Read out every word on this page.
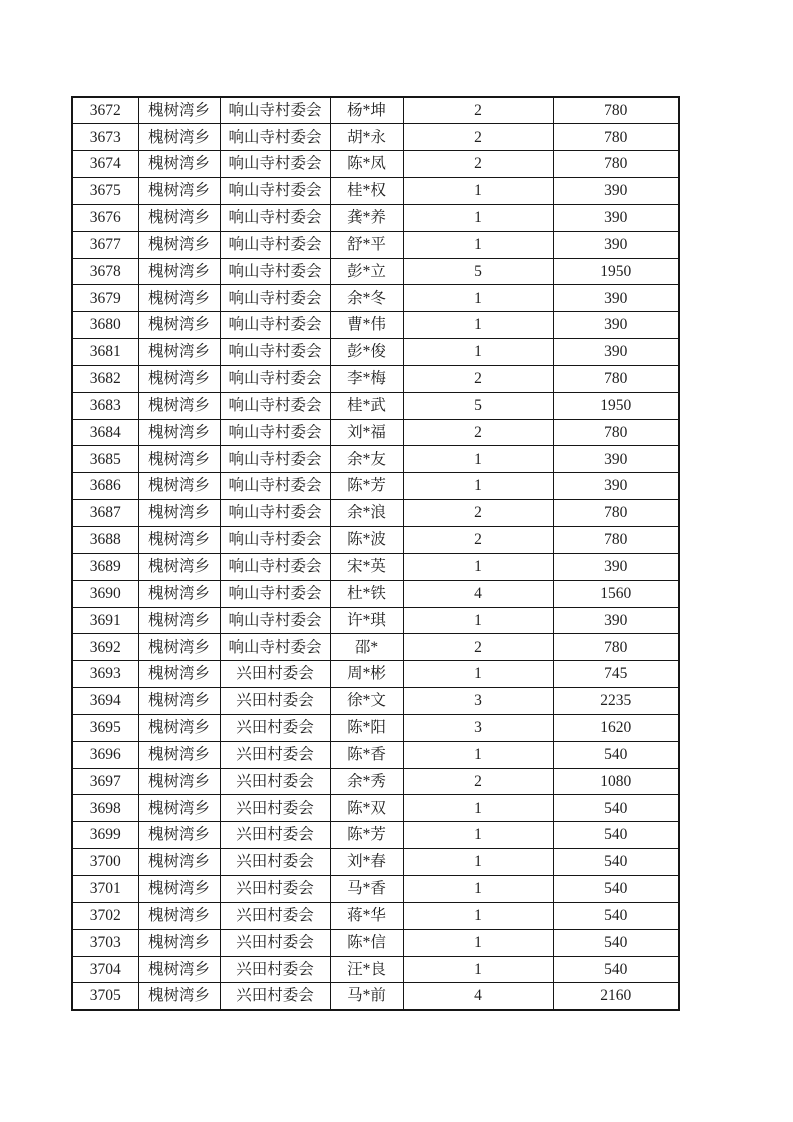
3672	槐树湾乡	响山寺村委会	杨*坤	2	780
3673	槐树湾乡	响山寺村委会	胡*永	2	780
3674	槐树湾乡	响山寺村委会	陈*凤	2	780
3675	槐树湾乡	响山寺村委会	桂*权	1	390
3676	槐树湾乡	响山寺村委会	龚*养	1	390
3677	槐树湾乡	响山寺村委会	舒*平	1	390
3678	槐树湾乡	响山寺村委会	彭*立	5	1950
3679	槐树湾乡	响山寺村委会	余*冬	1	390
3680	槐树湾乡	响山寺村委会	曹*伟	1	390
3681	槐树湾乡	响山寺村委会	彭*俊	1	390
3682	槐树湾乡	响山寺村委会	李*梅	2	780
3683	槐树湾乡	响山寺村委会	桂*武	5	1950
3684	槐树湾乡	响山寺村委会	刘*福	2	780
3685	槐树湾乡	响山寺村委会	余*友	1	390
3686	槐树湾乡	响山寺村委会	陈*芳	1	390
3687	槐树湾乡	响山寺村委会	余*浪	2	780
3688	槐树湾乡	响山寺村委会	陈*波	2	780
3689	槐树湾乡	响山寺村委会	宋*英	1	390
3690	槐树湾乡	响山寺村委会	杜*铁	4	1560
3691	槐树湾乡	响山寺村委会	许*琪	1	390
3692	槐树湾乡	响山寺村委会	邵*	2	780
3693	槐树湾乡	兴田村委会	周*彬	1	745
3694	槐树湾乡	兴田村委会	徐*文	3	2235
3695	槐树湾乡	兴田村委会	陈*阳	3	1620
3696	槐树湾乡	兴田村委会	陈*香	1	540
3697	槐树湾乡	兴田村委会	余*秀	2	1080
3698	槐树湾乡	兴田村委会	陈*双	1	540
3699	槐树湾乡	兴田村委会	陈*芳	1	540
3700	槐树湾乡	兴田村委会	刘*春	1	540
3701	槐树湾乡	兴田村委会	马*香	1	540
3702	槐树湾乡	兴田村委会	蒋*华	1	540
3703	槐树湾乡	兴田村委会	陈*信	1	540
3704	槐树湾乡	兴田村委会	汪*良	1	540
3705	槐树湾乡	兴田村委会	马*前	4	2160
